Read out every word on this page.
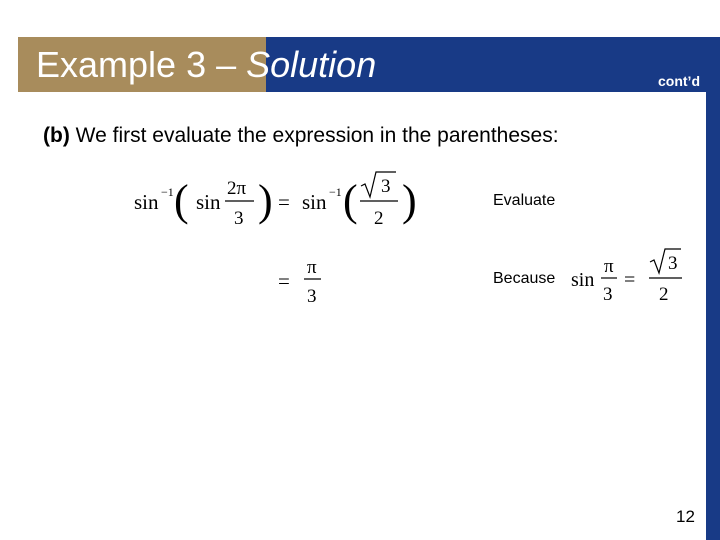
Example 3 – Solution	cont’d
(b) We first evaluate the expression in the parentheses:
sin −1 ( sin
2π
3 ) = sin −1 ( 3
2 )	Evaluate
=
π
3
Because sin
π
3
=
3
2
12
